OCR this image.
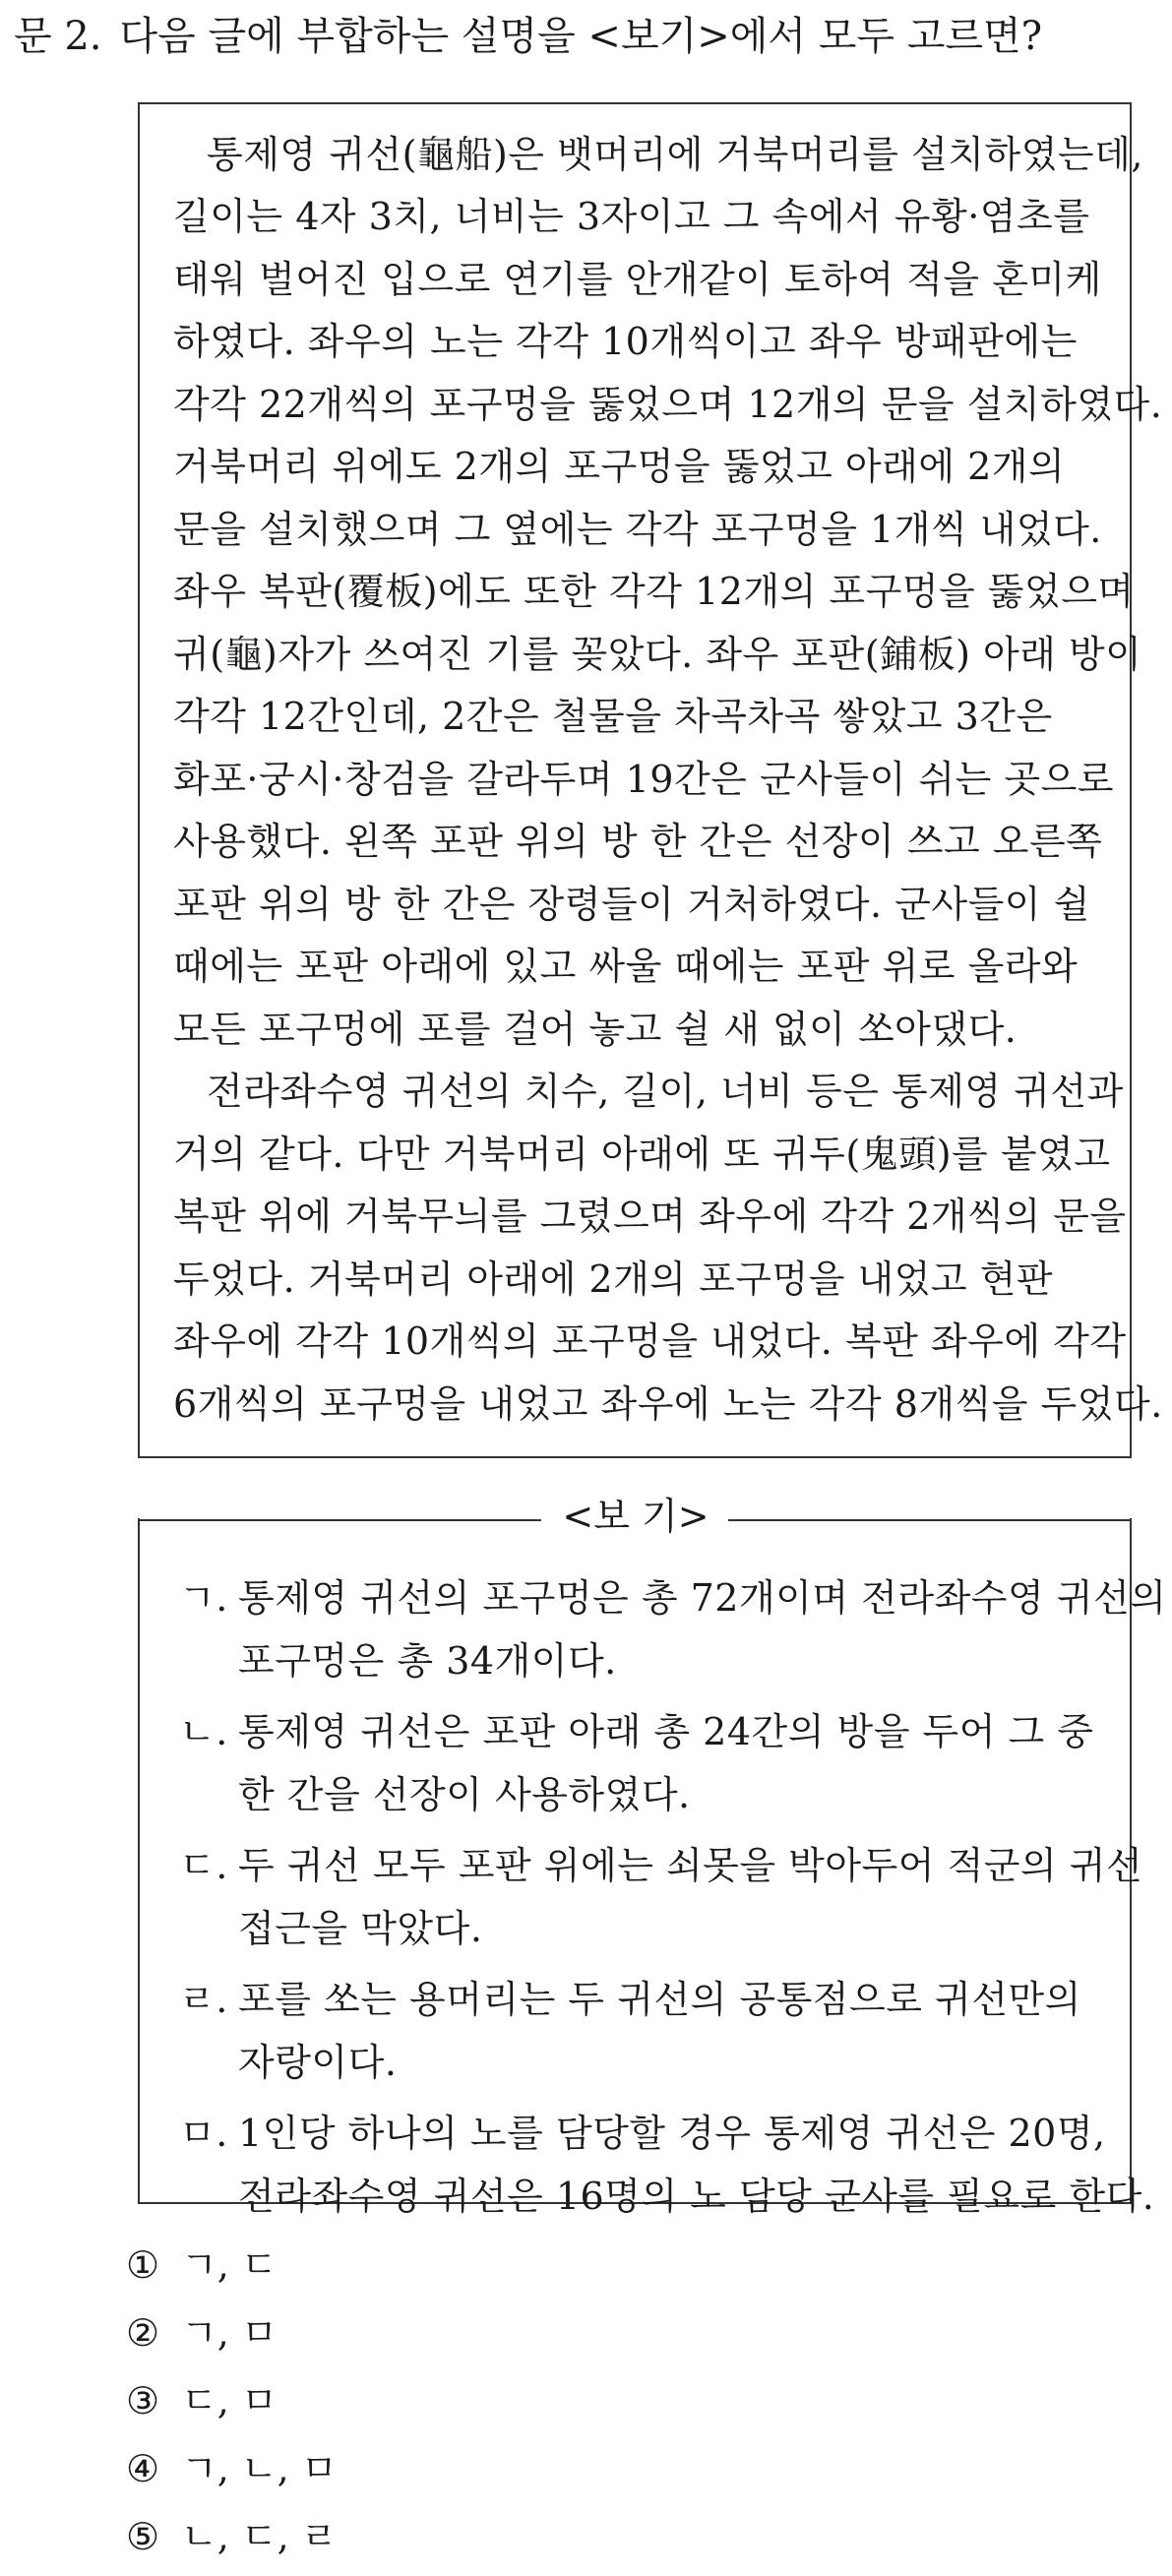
문 2. 다음 글에 부합하는 설명을 <보기>에서 모두 고르면?
통제영 귀선(龜船)은 뱃머리에 거북머리를 설치하였는데,
길이는 4자 3치, 너비는 3자이고 그 속에서 유황·염초를
태워 벌어진 입으로 연기를 안개같이 토하여 적을 혼미케
하였다. 좌우의 노는 각각 10개씩이고 좌우 방패판에는
각각 22개씩의 포구멍을 뚫었으며 12개의 문을 설치하였다.
거북머리 위에도 2개의 포구멍을 뚫었고 아래에 2개의
문을 설치했으며 그 옆에는 각각 포구멍을 1개씩 내었다.
좌우 복판(覆板)에도 또한 각각 12개의 포구멍을 뚫었으며
귀(龜)자가 쓰여진 기를 꽂았다. 좌우 포판(鋪板) 아래 방이
각각 12간인데, 2간은 철물을 차곡차곡 쌓았고 3간은
화포·궁시·창검을 갈라두며 19간은 군사들이 쉬는 곳으로
사용했다. 왼쪽 포판 위의 방 한 간은 선장이 쓰고 오른쪽
포판 위의 방 한 간은 장령들이 거처하였다. 군사들이 쉴
때에는 포판 아래에 있고 싸울 때에는 포판 위로 올라와
모든 포구멍에 포를 걸어 놓고 쉴 새 없이 쏘아댔다.
전라좌수영 귀선의 치수, 길이, 너비 등은 통제영 귀선과
거의 같다. 다만 거북머리 아래에 또 귀두(鬼頭)를 붙였고
복판 위에 거북무늬를 그렸으며 좌우에 각각 2개씩의 문을
두었다. 거북머리 아래에 2개의 포구멍을 내었고 현판
좌우에 각각 10개씩의 포구멍을 내었다. 복판 좌우에 각각
6개씩의 포구멍을 내었고 좌우에 노는 각각 8개씩을 두었다.
<보 기>
ㄱ. 통제영 귀선의 포구멍은 총 72개이며 전라좌수영 귀선의
포구멍은 총 34개이다.
ㄴ. 통제영 귀선은 포판 아래 총 24간의 방을 두어 그 중
한 간을 선장이 사용하였다.
ㄷ. 두 귀선 모두 포판 위에는 쇠못을 박아두어 적군의 귀선
접근을 막았다.
ㄹ. 포를 쏘는 용머리는 두 귀선의 공통점으로 귀선만의
자랑이다.
ㅁ. 1인당 하나의 노를 담당할 경우 통제영 귀선은 20명,
전라좌수영 귀선은 16명의 노 담당 군사를 필요로 한다.
① ㄱ, ㄷ
② ㄱ, ㅁ
③ ㄷ, ㅁ
④ ㄱ, ㄴ, ㅁ
⑤ ㄴ, ㄷ, ㄹ
